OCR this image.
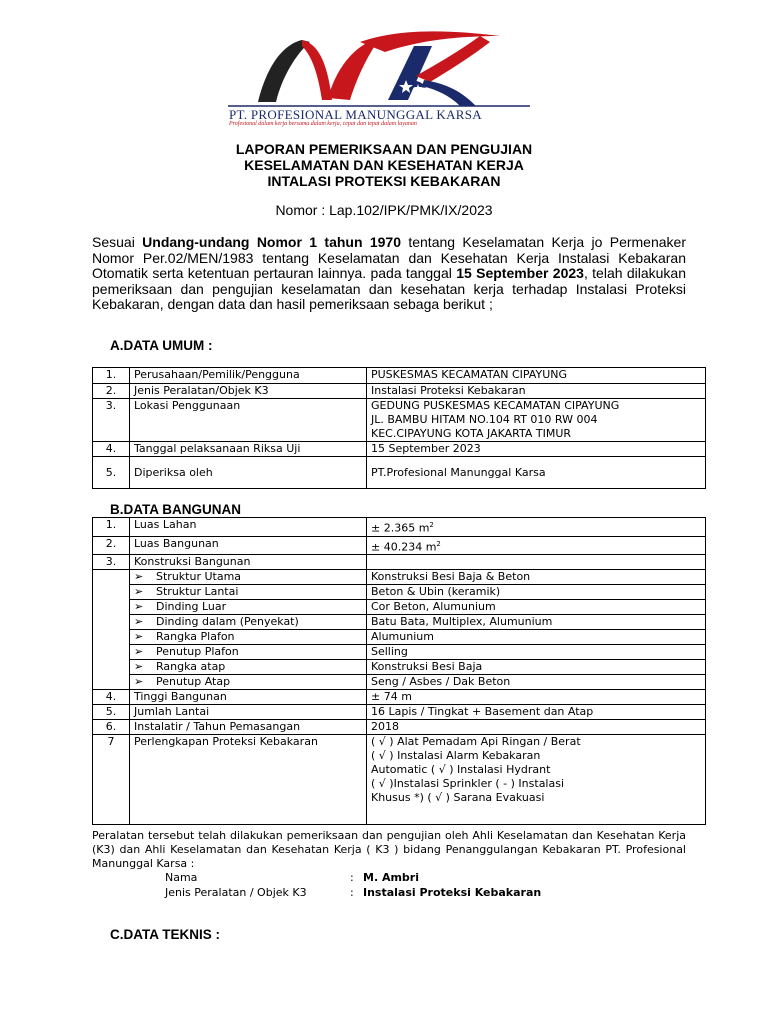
PT. PROFESIONAL MANUNGGAL KARSA
Profesional dalam kerja bersama dalam kerja, cepat dan tepat dalam layanan
LAPORAN PEMERIKSAAN DAN PENGUJIAN
KESELAMATAN DAN KESEHATAN KERJA
INTALASI PROTEKSI KEBAKARAN
Nomor : Lap.102/IPK/PMK/IX/2023
Sesuai Undang-undang Nomor 1 tahun 1970 tentang Keselamatan Kerja jo Permenaker Nomor Per.02/MEN/1983 tentang Keselamatan dan Kesehatan Kerja Instalasi Kebakaran Otomatik serta ketentuan pertauran lainnya. pada tanggal 15 September 2023, telah dilakukan pemeriksaan dan pengujian keselamatan dan kesehatan kerja terhadap Instalasi Proteksi Kebakaran, dengan data dan hasil pemeriksaan sebaga berikut ;
A.DATA UMUM :
1.	Perusahaan/Pemilik/Pengguna	PUSKESMAS KECAMATAN CIPAYUNG
2.	Jenis Peralatan/Objek K3	Instalasi Proteksi Kebakaran
3.	Lokasi Penggunaan	GEDUNG PUSKESMAS KECAMATAN CIPAYUNG
JL. BAMBU HITAM NO.104 RT 010 RW 004
KEC.CIPAYUNG KOTA JAKARTA TIMUR

4.	Tanggal pelaksanaan Riksa Uji	15 September 2023
5.	Diperiksa oleh	PT.Profesional Manunggal Karsa
B.DATA BANGUNAN
1.	Luas Lahan	± 2.365 $m^2$
2.	Luas Bangunan	± 40.234 $m^2$
3.	Konstruksi Bangunan	
	➢ Struktur Utama	Konstruksi Besi Baja & Beton
	➢ Struktur Lantai	Beton & Ubin (keramik)
	➢ Dinding Luar	Cor Beton, Alumunium
	➢ Dinding dalam (Penyekat)	Batu Bata, Multiplex, Alumunium
	➢ Rangka Plafon	Alumunium
	➢ Penutup Plafon	Selling
	➢ Rangka atap	Konstruksi Besi Baja
	➢ Penutup Atap	Seng / Asbes / Dak Beton
4.	Tinggi Bangunan	± 74 m
5.	Jumlah Lantai	16 Lapis / Tingkat + Basement dan Atap
6.	Instalatir / Tahun Pemasangan	2018
7	Perlengkapan Proteksi Kebakaran	( √ ) Alat Pemadam Api Ringan / Berat
( √ ) Instalasi Alarm Kebakaran
Automatic ( √ ) Instalasi Hydrant
( √ )Instalasi Sprinkler ( - ) Instalasi
Khusus *) ( √ ) Sarana Evakuasi
Peralatan tersebut telah dilakukan pemeriksaan dan pengujian oleh Ahli Keselamatan dan Kesehatan Kerja (K3) dan Ahli Keselamatan dan Kesehatan Kerja ( K3 ) bidang Penanggulangan Kebakaran PT. Profesional Manunggal Karsa :
Nama	: M. Ambri
Jenis Peralatan / Objek K3	: Instalasi Proteksi Kebakaran
C.DATA TEKNIS :
